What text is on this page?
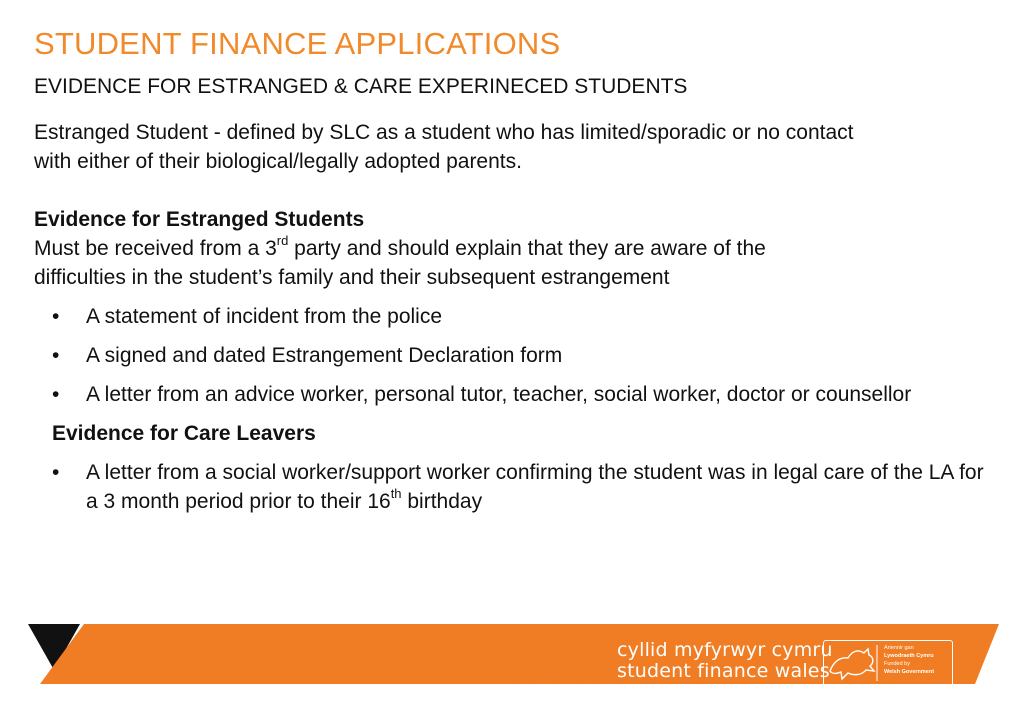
STUDENT FINANCE APPLICATIONS
EVIDENCE FOR ESTRANGED & CARE EXPERINECED STUDENTS

Estranged Student - defined by SLC as a student who has limited/sporadic or no contact

with either of their biological/legally adopted parents.

Evidence for Estranged Students

Must be received from a 3rd party and should explain that they are aware of the difficulties in the student’s family and their subsequent estrangement

• A statement of incident from the police
• A signed and dated Estrangement Declaration form
• A letter from an advice worker, personal tutor, teacher, social worker, doctor or counsellor

Evidence for Care Leavers

• A letter from a social worker/support worker confirming the student was in legal care of the LA for a 3 month period prior to their 16th birthday
cyllid myfyrwyr cymru
student finance wales
Ariennir gan
Lywodraeth Cymru
Funded by
Welsh Government
